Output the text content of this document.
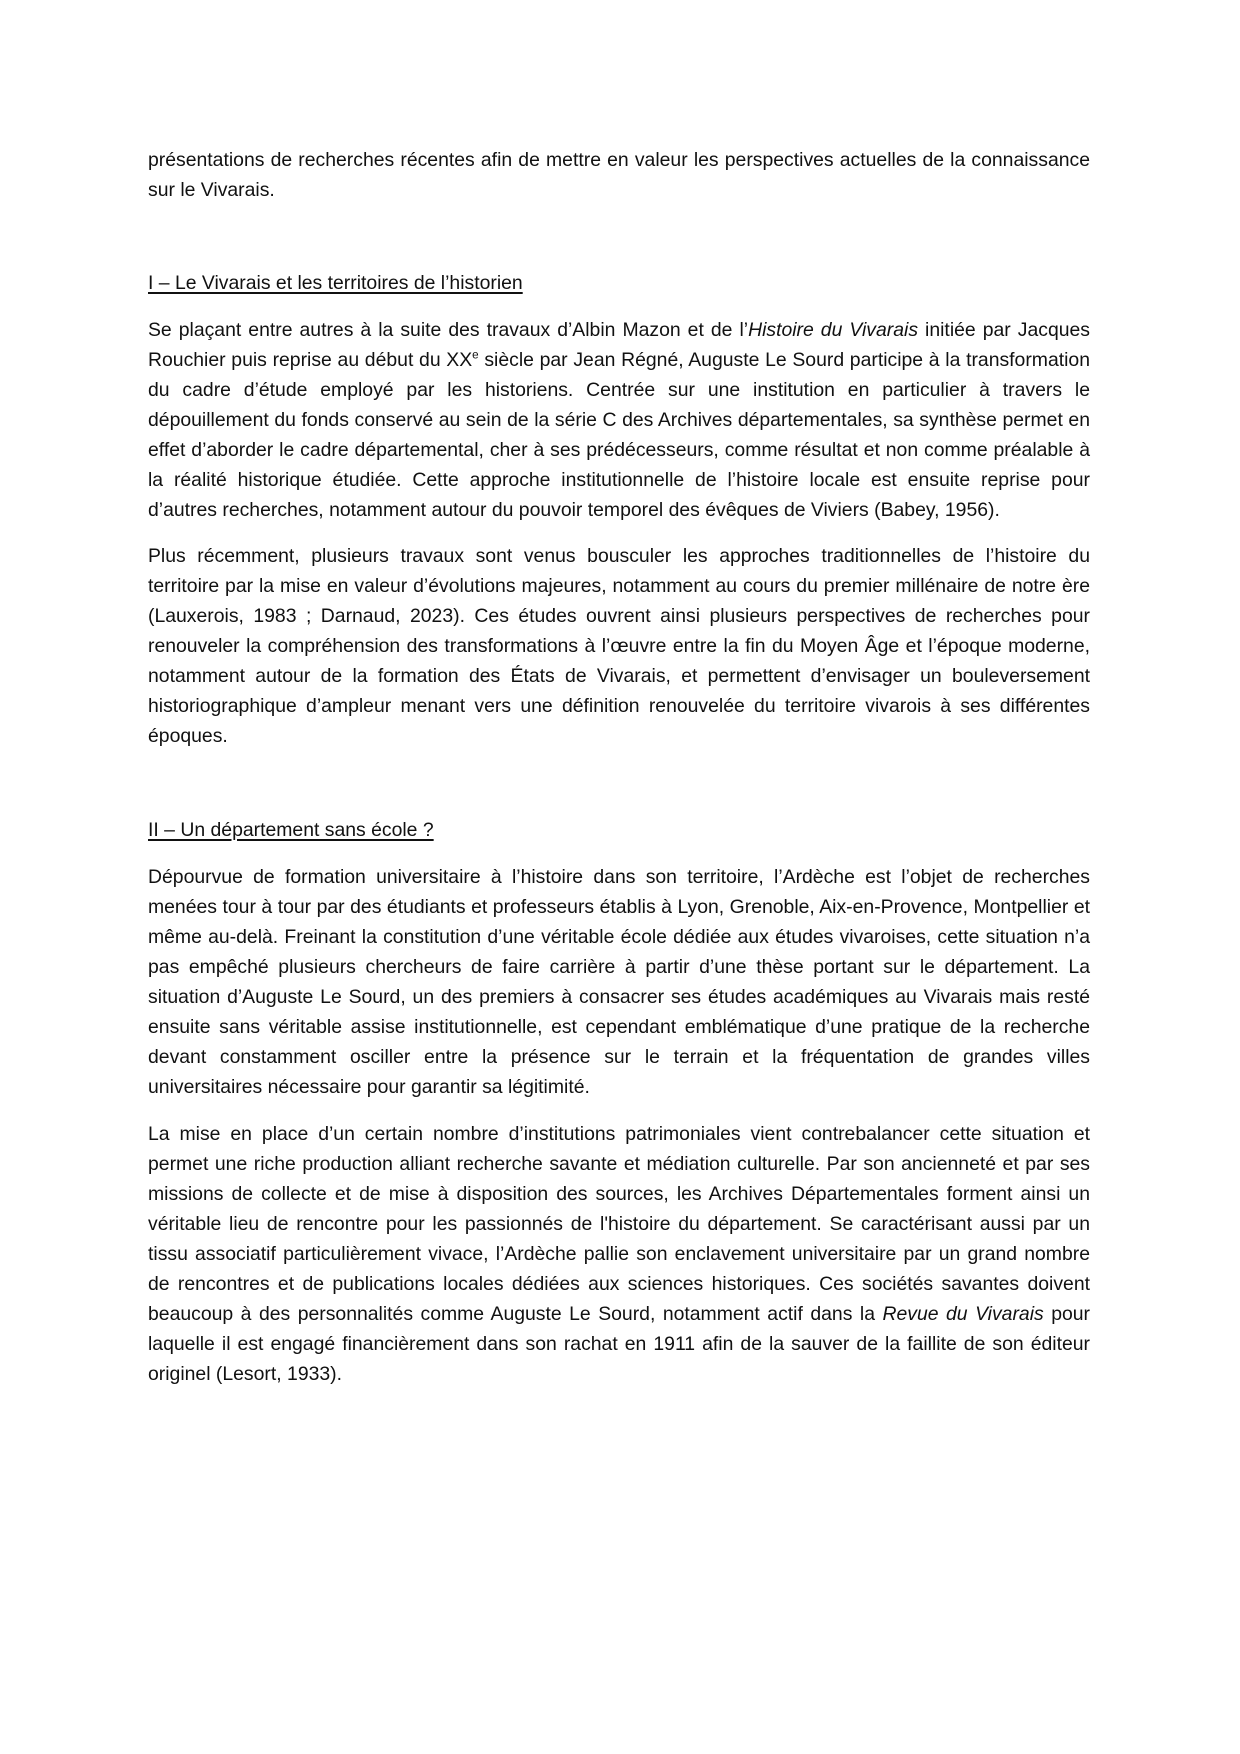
présentations de recherches récentes afin de mettre en valeur les perspectives actuelles de la connaissance sur le Vivarais.

I – Le Vivarais et les territoires de l’historien

Se plaçant entre autres à la suite des travaux d’Albin Mazon et de l’Histoire du Vivarais initiée par Jacques Rouchier puis reprise au début du XXe siècle par Jean Régné, Auguste Le Sourd participe à la transformation du cadre d’étude employé par les historiens. Centrée sur une institution en particulier à travers le dépouillement du fonds conservé au sein de la série C des Archives départementales, sa synthèse permet en effet d’aborder le cadre départemental, cher à ses prédécesseurs, comme résultat et non comme préalable à la réalité historique étudiée. Cette approche institutionnelle de l’histoire locale est ensuite reprise pour d’autres recherches, notamment autour du pouvoir temporel des évêques de Viviers (Babey, 1956).

Plus récemment, plusieurs travaux sont venus bousculer les approches traditionnelles de l’histoire du territoire par la mise en valeur d’évolutions majeures, notamment au cours du premier millénaire de notre ère (Lauxerois, 1983 ; Darnaud, 2023). Ces études ouvrent ainsi plusieurs perspectives de recherches pour renouveler la compréhension des transformations à l’œuvre entre la fin du Moyen Âge et l’époque moderne, notamment autour de la formation des États de Vivarais, et permettent d’envisager un bouleversement historiographique d’ampleur menant vers une définition renouvelée du territoire vivarois à ses différentes époques.

II – Un département sans école ?

Dépourvue de formation universitaire à l’histoire dans son territoire, l’Ardèche est l’objet de recherches menées tour à tour par des étudiants et professeurs établis à Lyon, Grenoble, Aix-en-Provence, Montpellier et même au-delà. Freinant la constitution d’une véritable école dédiée aux études vivaroises, cette situation n’a pas empêché plusieurs chercheurs de faire carrière à partir d’une thèse portant sur le département. La situation d’Auguste Le Sourd, un des premiers à consacrer ses études académiques au Vivarais mais resté ensuite sans véritable assise institutionnelle, est cependant emblématique d’une pratique de la recherche devant constamment osciller entre la présence sur le terrain et la fréquentation de grandes villes universitaires nécessaire pour garantir sa légitimité.

La mise en place d’un certain nombre d’institutions patrimoniales vient contrebalancer cette situation et permet une riche production alliant recherche savante et médiation culturelle. Par son ancienneté et par ses missions de collecte et de mise à disposition des sources, les Archives Départementales forment ainsi un véritable lieu de rencontre pour les passionnés de l'histoire du département. Se caractérisant aussi par un tissu associatif particulièrement vivace, l’Ardèche pallie son enclavement universitaire par un grand nombre de rencontres et de publications locales dédiées aux sciences historiques. Ces sociétés savantes doivent beaucoup à des personnalités comme Auguste Le Sourd, notamment actif dans la Revue du Vivarais pour laquelle il est engagé financièrement dans son rachat en 1911 afin de la sauver de la faillite de son éditeur originel (Lesort, 1933).
